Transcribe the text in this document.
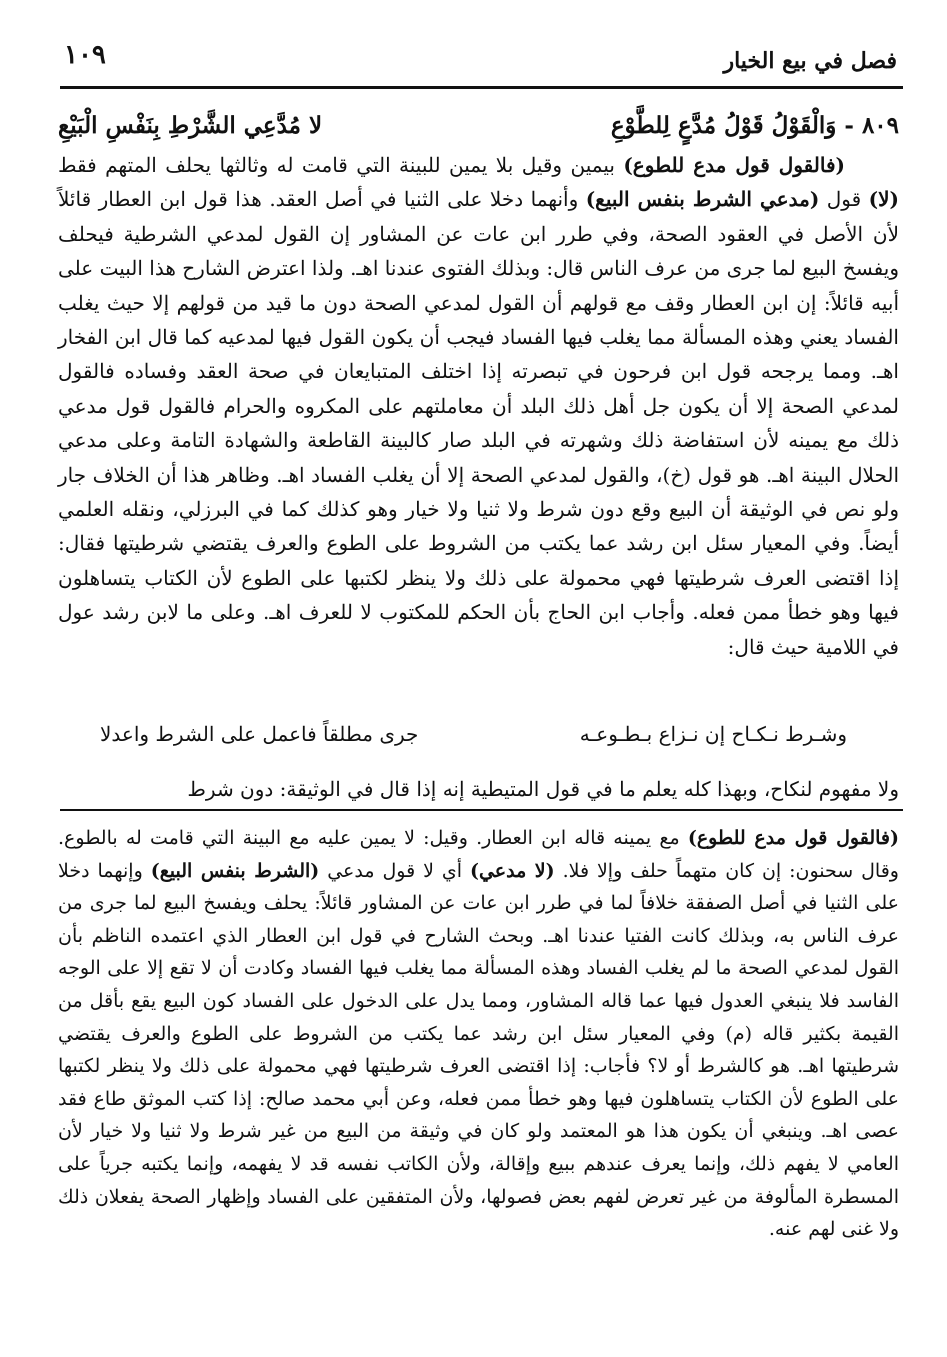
فصل في بيع الخيار
١٠٩
٨٠٩ - وَالْقَوْلُ قَوْلُ مُدَّعٍ لِلطَّوْعِ
لا مُدَّعِي الشَّرْطِ بِنَفْسِ الْبَيْعِ

(فالقول قول مدع للطوع) بيمين وقيل بلا يمين للبينة التي قامت له وثالثها يحلف المتهم فقط (لا) قول (مدعي الشرط بنفس البيع) وأنهما دخلا على الثنيا في أصل العقد. هذا قول ابن العطار قائلاً لأن الأصل في العقود الصحة، وفي طرر ابن عات عن المشاور إن القول لمدعي الشرطية فيحلف ويفسخ البيع لما جرى من عرف الناس قال: وبذلك الفتوى عندنا اهـ. ولذا اعترض الشارح هذا البيت على أبيه قائلاً: إن ابن العطار وقف مع قولهم أن القول لمدعي الصحة دون ما قيد من قولهم إلا حيث يغلب الفساد يعني وهذه المسألة مما يغلب فيها الفساد فيجب أن يكون القول فيها لمدعيه كما قال ابن الفخار اهـ. ومما يرجحه قول ابن فرحون في تبصرته إذا اختلف المتبايعان في صحة العقد وفساده فالقول لمدعي الصحة إلا أن يكون جل أهل ذلك البلد أن معاملتهم على المكروه والحرام فالقول قول مدعي ذلك مع يمينه لأن استفاضة ذلك وشهرته في البلد صار كالبينة القاطعة والشهادة التامة وعلى مدعي الحلال البينة اهـ. هو قول (خ)، والقول لمدعي الصحة إلا أن يغلب الفساد اهـ. وظاهر هذا أن الخلاف جار ولو نص في الوثيقة أن البيع وقع دون شرط ولا ثنيا ولا خيار وهو كذلك كما في البرزلي، ونقله العلمي أيضاً. وفي المعيار سئل ابن رشد عما يكتب من الشروط على الطوع والعرف يقتضي شرطيتها فقال: إذا اقتضى العرف شرطيتها فهي محمولة على ذلك ولا ينظر لكتبها على الطوع لأن الكتاب يتساهلون فيها وهو خطأ ممن فعله. وأجاب ابن الحاج بأن الحكم للمكتوب لا للعرف اهـ. وعلى ما لابن رشد عول في اللامية حيث قال:

وشـرط نـكـاح إن نـزاع بـطـوعـه
جرى مطلقاً فاعمل على الشرط واعدلا

ولا مفهوم لنكاح، وبهذا كله يعلم ما في قول المتيطية إنه إذا قال في الوثيقة: دون شرط

(فالقول قول مدع للطوع) مع يمينه قاله ابن العطار. وقيل: لا يمين عليه مع البينة التي قامت له بالطوع. وقال سحنون: إن كان متهماً حلف وإلا فلا. (لا مدعي) أي لا قول مدعي (الشرط بنفس البيع) وإنهما دخلا على الثنيا في أصل الصفقة خلافاً لما في طرر ابن عات عن المشاور قائلاً: يحلف ويفسخ البيع لما جرى من عرف الناس به، وبذلك كانت الفتيا عندنا اهـ. وبحث الشارح في قول ابن العطار الذي اعتمده الناظم بأن القول لمدعي الصحة ما لم يغلب الفساد وهذه المسألة مما يغلب فيها الفساد وكادت أن لا تقع إلا على الوجه الفاسد فلا ينبغي العدول فيها عما قاله المشاور، ومما يدل على الدخول على الفساد كون البيع يقع بأقل من القيمة بكثير قاله (م) وفي المعيار سئل ابن رشد عما يكتب من الشروط على الطوع والعرف يقتضي شرطيتها اهـ. هو كالشرط أو لا؟ فأجاب: إذا اقتضى العرف شرطيتها فهي محمولة على ذلك ولا ينظر لكتبها على الطوع لأن الكتاب يتساهلون فيها وهو خطأ ممن فعله، وعن أبي محمد صالح: إذا كتب الموثق طاع فقد عصى اهـ. وينبغي أن يكون هذا هو المعتمد ولو كان في وثيقة من البيع من غير شرط ولا ثنيا ولا خيار لأن العامي لا يفهم ذلك، وإنما يعرف عندهم ببيع وإقالة، ولأن الكاتب نفسه قد لا يفهمه، وإنما يكتبه جرياً على المسطرة المألوفة من غير تعرض لفهم بعض فصولها، ولأن المتفقين على الفساد وإظهار الصحة يفعلان ذلك ولا غنى لهم عنه.
